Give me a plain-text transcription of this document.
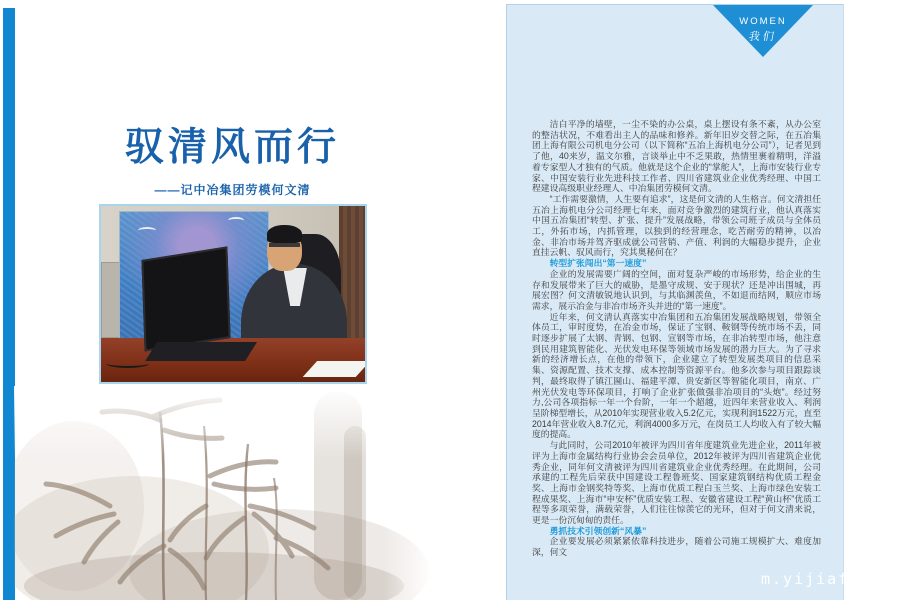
驭清风而行
——记中冶集团劳模何文清
WOMEN
我们

洁白平净的墙壁，一尘不染的办公桌，桌上摆设有条不紊，从办公室的整洁状况，不难看出主人的品味和修养。新年旧岁交替之际，在五冶集团上海有限公司机电分公司（以下简称“五冶上海机电分公司”），记者见到了他，40来岁，温文尔雅，言谈举止中不乏果敢，热情里裹着精明，洋溢着专家型人才独有的气质。他就是这个企业的“掌舵人”，上海市安装行业专家、中国安装行业先进科技工作者、四川省建筑业企业优秀经理、中国工程建设高级职业经理人、中冶集团劳模何文清。

“工作需要激情，人生要有追求”，这是何文清的人生格言。何文清担任五冶上海机电分公司经理七年来，面对竞争激烈的建筑行业，他认真落实中国五冶集团“转型、扩张、提升”发展战略，带领公司班子成员与全体员工，外拓市场，内抓管理，以独到的经营理念，吃苦耐劳的精神，以冶金、非冶市场并驾齐驱成就公司营销、产值、利润的大幅稳步提升，企业直挂云帆、驭风而行，究其奥秘何在？

转型扩张闯出“第一速度”

企业的发展需要广阔的空间，面对复杂严峻的市场形势，给企业的生存和发展带来了巨大的威胁，是墨守成规、安于现状？还是冲出围城，再展宏图？何文清敏锐地认识到，与其临渊羡鱼，不如退而结网，顺应市场需求，展示冶金与非冶市场齐头并进的“第一速度”。

近年来，何文清认真落实中冶集团和五冶集团发展战略规划，带领全体员工，审时度势，在冶金市场，保证了宝钢、鞍钢等传统市场不丢，同时逐步扩展了太钢、青钢、包钢、宣钢等市场，在非冶转型市场，他注意到民用建筑智能化、光伏发电环保等领域市场发展的潜力巨大。为了寻求新的经济增长点，在他的带领下，企业建立了转型发展类项目的信息采集、资源配置、技术支撑、成本控制等资源平台。他多次参与项目跟踪谈判，最终取得了镇江圌山、福建平潭、贵安新区等智能化项目，南京、广州光伏发电等环保项目，打响了企业扩张做强非冶项目的“头炮”。经过努力,公司各项指标一年一个台阶，一年一个超越，近四年来营业收入、利润呈阶梯型增长，从2010年实现营业收入5.2亿元，实现利润1522万元，直至2014年营业收入8.7亿元，利润4000多万元，在岗员工人均收入有了较大幅度的提高。

与此同时，公司2010年被评为四川省年度建筑业先进企业，2011年被评为上海市金属结构行业协会会员单位，2012年被评为四川省建筑企业优秀企业，同年何文清被评为四川省建筑业企业优秀经理。在此期间，公司承建的工程先后荣获中国建设工程鲁班奖、国家建筑钢结构优质工程金奖、上海市金钢奖特等奖、上海市优质工程白玉兰奖、上海市绿色安装工程成果奖、上海市“申安杯”优质安装工程、安徽省建设工程“黄山杯”优质工程等多项荣誉，满载荣誉，人们往往惊羡它的光环，但对于何文清来说，更是一份沉甸甸的责任。

勇抓技术引领创新“风暴”

企业要发展必须紧紧依靠科技进步，随着公司施工规模扩大、难度加深，何文

m.yijiaf.
